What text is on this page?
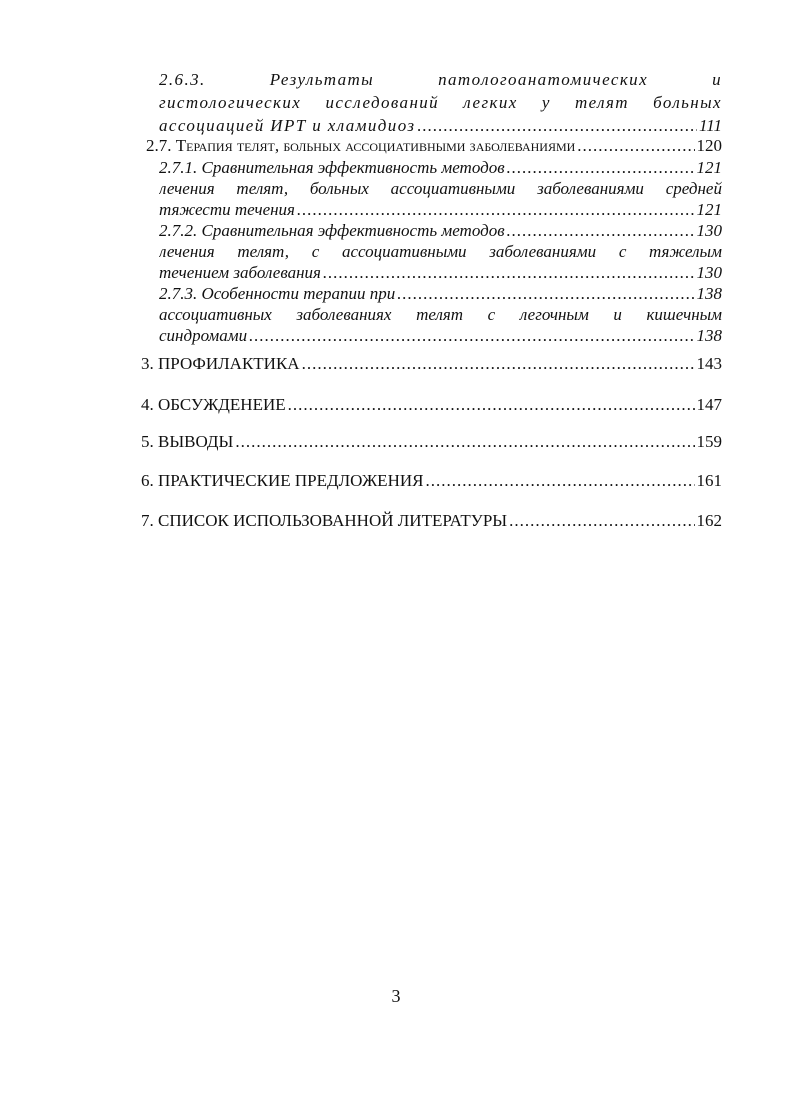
2.6.3.	Результаты	патологоанатомических	и
гистологических исследований легких у телят больных
ассоциацией ИРТ и хламидиоз .....	111
2.7. Терапия телят, больных ассоциативными заболеваниями .....	120
2.7.1. Сравнительная эффективность методов .....	121
лечения телят, больных ассоциативными заболеваниями средней
тяжести течения .....	121
2.7.2. Сравнительная эффективность методов .....	130
лечения телят, с ассоциативными заболеваниями с тяжелым
течением заболевания .....	130
2.7.3. Особенности терапии при .....	138
ассоциативных заболеваниях телят с легочным и кишечным
синдромами .....	138
3. ПРОФИЛАКТИКА .....	143
4. ОБСУЖДЕНЕИЕ .....	147
5. ВЫВОДЫ .....	159
6. ПРАКТИЧЕСКИЕ ПРЕДЛОЖЕНИЯ .....	161
7. СПИСОК ИСПОЛЬЗОВАННОЙ ЛИТЕРАТУРЫ .....	162
3
